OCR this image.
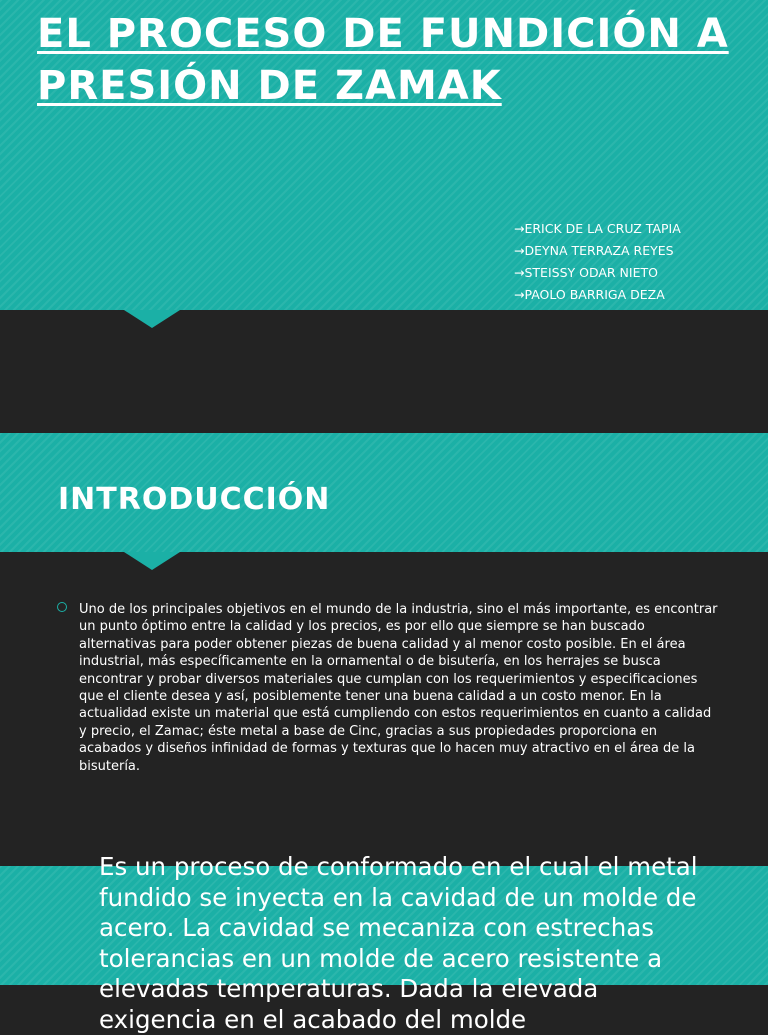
EL PROCESO DE FUNDICIÓN A PRESIÓN DE ZAMAK
→ERICK DE LA CRUZ TAPIA
→DEYNA TERRAZA REYES
→STEISSY ODAR NIETO
→PAOLO BARRIGA DEZA
INTRODUCCIÓN

Uno de los principales objetivos en el mundo de la industria, sino el más importante, es encontrar un punto óptimo entre la calidad y los precios, es por ello que siempre se han buscado alternativas para poder obtener piezas de buena calidad y al menor costo posible. En el área industrial, más específicamente en la ornamental o de bisutería, en los herrajes se busca encontrar y probar diversos materiales que cumplan con los requerimientos y especificaciones que el cliente desea y así, posiblemente tener una buena calidad a un costo menor. En la actualidad existe un material que está cumpliendo con estos requerimientos en cuanto a calidad y precio, el Zamac; éste metal a base de Cinc, gracias a sus propiedades proporciona en acabados y diseños infinidad de formas y texturas que lo hacen muy atractivo en el área de la bisutería.

Es un proceso de conformado en el cual el metal fundido se inyecta en la cavidad de un molde de acero. La cavidad se mecaniza con estrechas tolerancias en un molde de acero resistente a elevadas temperaturas. Dada la elevada exigencia en el acabado del molde
